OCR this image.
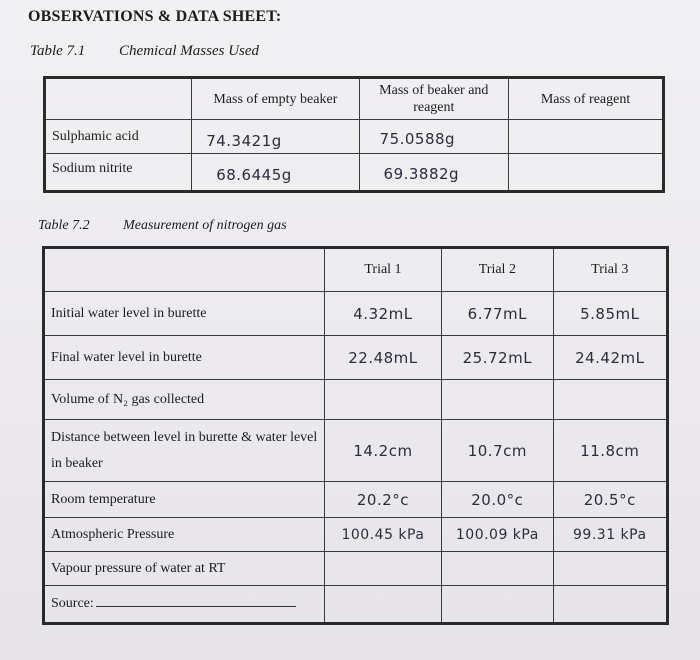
OBSERVATIONS & DATA SHEET:
Table 7.1 Chemical Masses Used
	Mass of empty beaker	Mass of beaker and reagent	Mass of reagent
Sulphamic acid	74.3421g	75.0588g	
Sodium nitrite	68.6445g	69.3882g	
Table 7.2 Measurement of nitrogen gas
	Trial 1	Trial 2	Trial 3
Initial water level in burette	4.32mL	6.77mL	5.85mL
Final water level in burette	22.48mL	25.72mL	24.42mL
Volume of N₂ gas collected			
Distance between level in burette & water level in beaker	14.2cm	10.7cm	11.8cm
Room temperature	20.2°c	20.0°c	20.5°c
Atmospheric Pressure	100.45 kPa	100.09 kPa	99.31 kPa
Vapour pressure of water at RT			
Source:			
